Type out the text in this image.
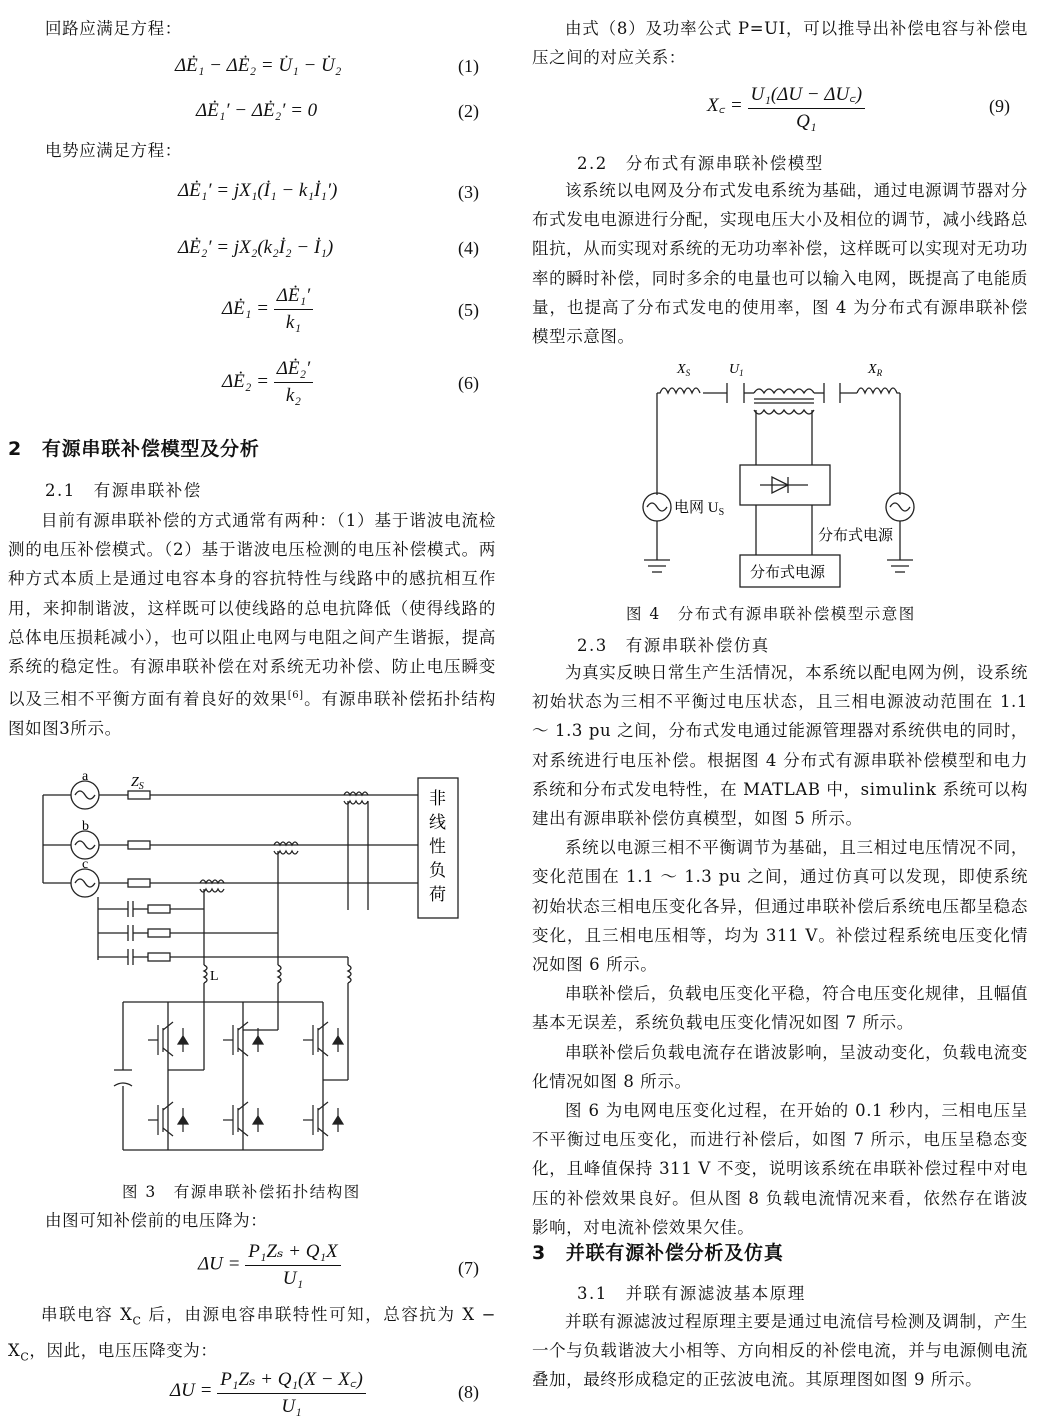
回路应满足方程：

ΔĖ₁ − ΔĖ₂ = U̇₁ − U̇₂	(1)
ΔĖ₁′ − ΔĖ₂′ = 0	(2)

电势应满足方程：

ΔĖ₁′ = jX₁(İ₁ − k₁İ₁′)	(3)
ΔĖ₂′ = jX₂(k₂İ₂ − İ₁)	(4)
ΔĖ₁ = $\frac{\text{ΔĖ₁′}}{\text{k₁}}$	(5)
ΔĖ₂ = $\frac{\text{ΔĖ₂′}}{\text{k₂}}$	(6)
2　有源串联补偿模型及分析
2.1　有源串联补偿

目前有源串联补偿的方式通常有两种：（1）基于谐波电流检测的电压补偿模式。（2）基于谐波电压检测的电压补偿模式。两种方式本质上是通过电容本身的容抗特性与线路中的感抗相互作用，来抑制谐波，这样既可以使线路的总电抗降低（使得线路的总体电压损耗减小），也可以阻止电网与电阻之间产生谐振，提高系统的稳定性。有源串联补偿在对系统无功补偿、防止电压瞬变以及三相不平衡方面有着良好的效果[6]。有源串联补偿拓扑结构图如图3所示。

a
b
c
$Z_S$
L
非
线
性
负
荷
图 3　有源串联补偿拓扑结构图

由图可知补偿前的电压降为：

$\Delta U = \frac{\text{P₁Zₛ + Q₁X}}{\text{U₁}}$	(7)

串联电容 $X_C$ 后，由源电容串联特性可知，总容抗为 $X - X_C$，因此，电压压降变为：

$\Delta U = \frac{\text{P₁Zₛ + Q₁(X − X꜀)}}{\text{U₁}}$	(8)

由式（8）及功率公式 P=UI，可以推导出补偿电容与补偿电压之间的对应关系：

X꜀ = $\frac{\text{U₁(ΔU − ΔU꜀)}}{\text{Q₁}}$	(9)
2.2　分布式有源串联补偿模型

该系统以电网及分布式发电系统为基础，通过电源调节器对分布式发电电源进行分配，实现电压大小及相位的调节，减小线路总阻抗，从而实现对系统的无功功率补偿，这样既可以实现对无功功率的瞬时补偿，同时多余的电量也可以输入电网，既提高了电能质量，也提高了分布式发电的使用率，图 4 为分布式有源串联补偿模型示意图。

$X_S$	$U_1$	$X_R$
电网 $U_S$
分布式电源
分布式电源
图 4　分布式有源串联补偿模型示意图
2.3　有源串联补偿仿真

为真实反映日常生产生活情况，本系统以配电网为例，设系统初始状态为三相不平衡过电压状态，且三相电源波动范围在 1.1 ～ 1.3 pu 之间，分布式发电通过能源管理器对系统供电的同时，对系统进行电压补偿。根据图 4 分布式有源串联补偿模型和电力系统和分布式发电特性，在 MATLAB 中，simulink 系统可以构建出有源串联补偿仿真模型，如图 5 所示。

系统以电源三相不平衡调节为基础，且三相过电压情况不同，变化范围在 1.1 ～ 1.3 pu 之间，通过仿真可以发现，即使系统初始状态三相电压变化各异，但通过串联补偿后系统电压都呈稳态变化，且三相电压相等，均为 311 V。补偿过程系统电压变化情况如图 6 所示。

串联补偿后，负载电压变化平稳，符合电压变化规律，且幅值基本无误差，系统负载电压变化情况如图 7 所示。

串联补偿后负载电流存在谐波影响，呈波动变化，负载电流变化情况如图 8 所示。

图 6 为电网电压变化过程，在开始的 0.1 秒内，三相电压呈不平衡过电压变化，而进行补偿后，如图 7 所示，电压呈稳态变化，且峰值保持 311 V 不变，说明该系统在串联补偿过程中对电压的补偿效果良好。但从图 8 负载电流情况来看，依然存在谐波影响，对电流补偿效果欠佳。

3　并联有源补偿分析及仿真
3.1　并联有源滤波基本原理

并联有源滤波过程原理主要是通过电流信号检测及调制，产生一个与负载谐波大小相等、方向相反的补偿电流，并与电源侧电流叠加，最终形成稳定的正弦波电流。其原理图如图 9 所示。
